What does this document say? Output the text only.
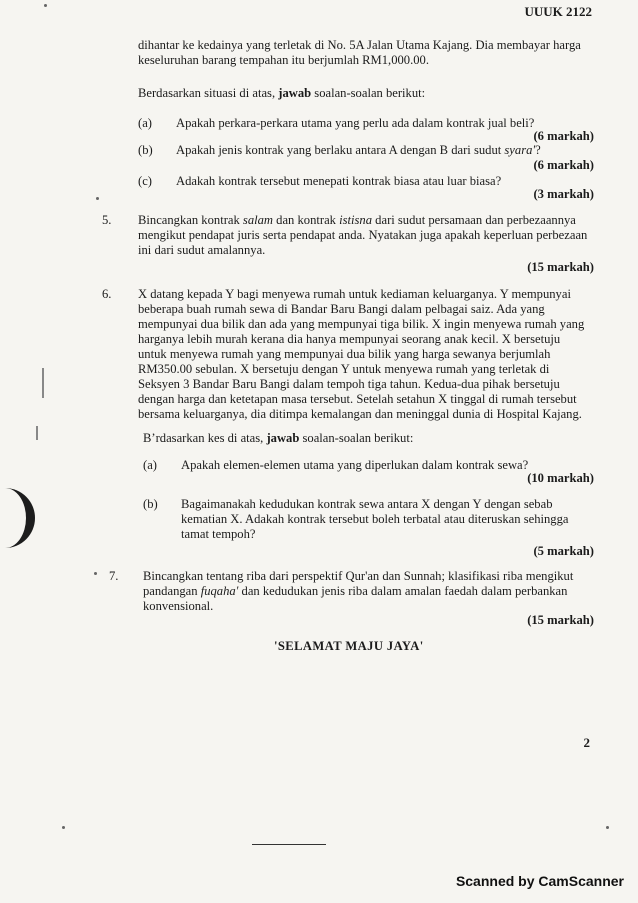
UUUK 2122
dihantar ke kedainya yang terletak di No. 5A Jalan Utama Kajang. Dia membayar harga
keseluruhan barang tempahan itu berjumlah RM1,000.00.
Berdasarkan situasi di atas, jawab soalan-soalan berikut:
(a) Apakah perkara-perkara utama yang perlu ada dalam kontrak jual beli?
(6 markah)
(b) Apakah jenis kontrak yang berlaku antara A dengan B dari sudut syara'?
(6 markah)
(c) Adakah kontrak tersebut menepati kontrak biasa atau luar biasa?
(3 markah)
5. Bincangkan kontrak salam dan kontrak istisna dari sudut persamaan dan perbezaannya
mengikut pendapat juris serta pendapat anda. Nyatakan juga apakah keperluan perbezaan
ini dari sudut amalannya.
(15 markah)
6. X datang kepada Y bagi menyewa rumah untuk kediaman keluarganya. Y mempunyai
beberapa buah rumah sewa di Bandar Baru Bangi dalam pelbagai saiz. Ada yang
mempunyai dua bilik dan ada yang mempunyai tiga bilik. X ingin menyewa rumah yang
harganya lebih murah kerana dia hanya mempunyai seorang anak kecil. X bersetuju
untuk menyewa rumah yang mempunyai dua bilik yang harga sewanya berjumlah
RM350.00 sebulan. X bersetuju dengan Y untuk menyewa rumah yang terletak di
Seksyen 3 Bandar Baru Bangi dalam tempoh tiga tahun. Kedua-dua pihak bersetuju
dengan harga dan ketetapan masa tersebut. Setelah setahun X tinggal di rumah tersebut
bersama keluarganya, dia ditimpa kemalangan dan meninggal dunia di Hospital Kajang.
B’rdasarkan kes di atas, jawab soalan-soalan berikut:
(a) Apakah elemen-elemen utama yang diperlukan dalam kontrak sewa?
(10 markah)
(b) Bagaimanakah kedudukan kontrak sewa antara X dengan Y dengan sebab
kematian X. Adakah kontrak tersebut boleh terbatal atau diteruskan sehingga
tamat tempoh?
(5 markah)
7. Bincangkan tentang riba dari perspektif Qur'an dan Sunnah; klasifikasi riba mengikut
pandangan fuqaha' dan kedudukan jenis riba dalam amalan faedah dalam perbankan
konvensional.
(15 markah)
'SELAMAT MAJU JAYA'
2
Scanned by CamScanner
